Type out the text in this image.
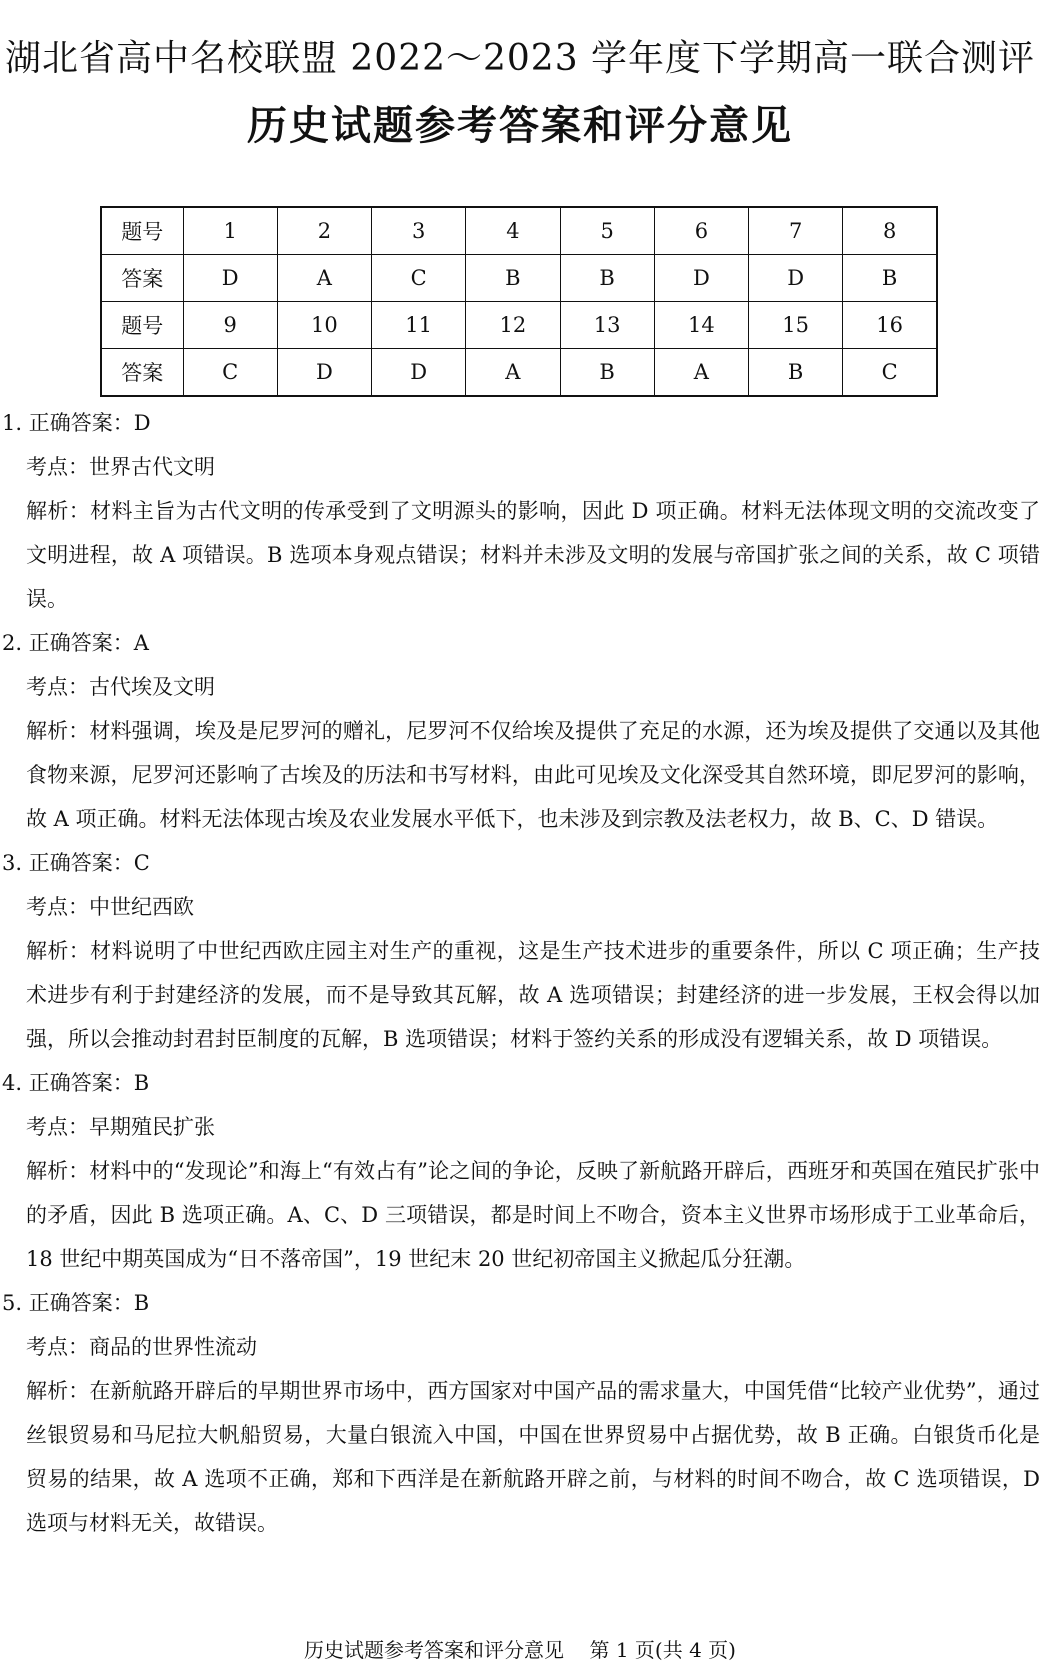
湖北省高中名校联盟 2022～2023 学年度下学期高一联合测评
历史试题参考答案和评分意见
题号	1	2	3	4	5	6	7	8
答案	D	A	C	B	B	D	D	B
题号	9	10	11	12	13	14	15	16
答案	C	D	D	A	B	A	B	C

1. 正确答案：D

考点：世界古代文明

解析：材料主旨为古代文明的传承受到了文明源头的影响，因此 D 项正确。材料无法体现文明的交流改变了文明进程，故 A 项错误。B 选项本身观点错误；材料并未涉及文明的发展与帝国扩张之间的关系，故 C 项错误。

2. 正确答案：A

考点：古代埃及文明

解析：材料强调，埃及是尼罗河的赠礼，尼罗河不仅给埃及提供了充足的水源，还为埃及提供了交通以及其他食物来源，尼罗河还影响了古埃及的历法和书写材料，由此可见埃及文化深受其自然环境，即尼罗河的影响，故 A 项正确。材料无法体现古埃及农业发展水平低下，也未涉及到宗教及法老权力，故 B、C、D 错误。

3. 正确答案：C

考点：中世纪西欧

解析：材料说明了中世纪西欧庄园主对生产的重视，这是生产技术进步的重要条件，所以 C 项正确；生产技术进步有利于封建经济的发展，而不是导致其瓦解，故 A 选项错误；封建经济的进一步发展，王权会得以加强，所以会推动封君封臣制度的瓦解，B 选项错误；材料于签约关系的形成没有逻辑关系，故 D 项错误。

4. 正确答案：B

考点：早期殖民扩张

解析：材料中的“发现论”和海上“有效占有”论之间的争论，反映了新航路开辟后，西班牙和英国在殖民扩张中的矛盾，因此 B 选项正确。A、C、D 三项错误，都是时间上不吻合，资本主义世界市场形成于工业革命后，18 世纪中期英国成为“日不落帝国”，19 世纪末 20 世纪初帝国主义掀起瓜分狂潮。

5. 正确答案：B

考点：商品的世界性流动

解析：在新航路开辟后的早期世界市场中，西方国家对中国产品的需求量大，中国凭借“比较产业优势”，通过丝银贸易和马尼拉大帆船贸易，大量白银流入中国，中国在世界贸易中占据优势，故 B 正确。白银货币化是贸易的结果，故 A 选项不正确，郑和下西洋是在新航路开辟之前，与材料的时间不吻合，故 C 选项错误，D 选项与材料无关，故错误。

历史试题参考答案和评分意见 第 1 页(共 4 页)
